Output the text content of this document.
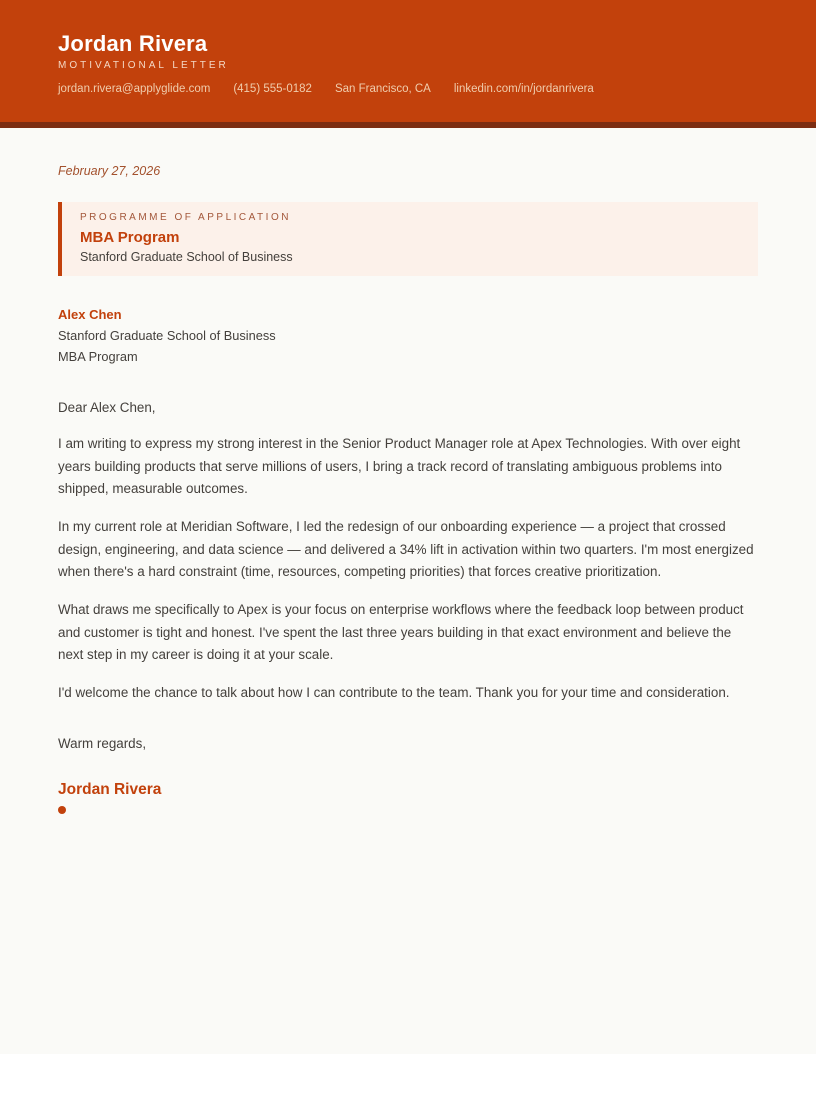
Jordan Rivera
MOTIVATIONAL LETTER
jordan.rivera@applyglide.com (415) 555-0182 San Francisco, CA linkedin.com/in/jordanrivera
February 27, 2026
PROGRAMME OF APPLICATION
MBA Program
Stanford Graduate School of Business
Alex Chen
Stanford Graduate School of Business
MBA Program

Dear Alex Chen,

I am writing to express my strong interest in the Senior Product Manager role at Apex Technologies. With over eight years building products that serve millions of users, I bring a track record of translating ambiguous problems into shipped, measurable outcomes.

In my current role at Meridian Software, I led the redesign of our onboarding experience — a project that crossed design, engineering, and data science — and delivered a 34% lift in activation within two quarters. I'm most energized when there's a hard constraint (time, resources, competing priorities) that forces creative prioritization.

What draws me specifically to Apex is your focus on enterprise workflows where the feedback loop between product and customer is tight and honest. I've spent the last three years building in that exact environment and believe the next step in my career is doing it at your scale.

I'd welcome the chance to talk about how I can contribute to the team. Thank you for your time and consideration.

Warm regards,

Jordan Rivera
